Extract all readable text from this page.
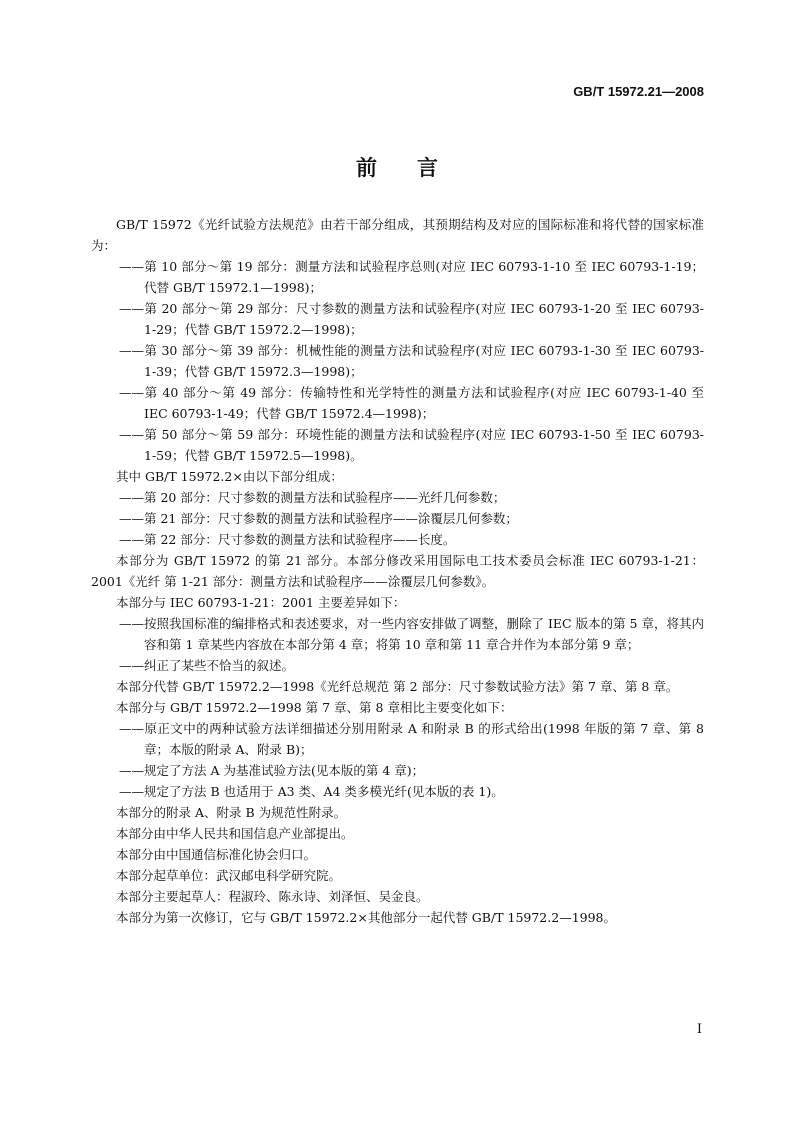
GB/T 15972.21—2008
前言

GB/T 15972《光纤试验方法规范》由若干部分组成，其预期结构及对应的国际标准和将代替的国家标准为：

——第 10 部分～第 19 部分：测量方法和试验程序总则(对应 IEC 60793-1-10 至 IEC 60793-1-19；代替 GB/T 15972.1—1998)；

——第 20 部分～第 29 部分：尺寸参数的测量方法和试验程序(对应 IEC 60793-1-20 至 IEC 60793-1-29；代替 GB/T 15972.2—1998)；

——第 30 部分～第 39 部分：机械性能的测量方法和试验程序(对应 IEC 60793-1-30 至 IEC 60793-1-39；代替 GB/T 15972.3—1998)；

——第 40 部分～第 49 部分：传输特性和光学特性的测量方法和试验程序(对应 IEC 60793-1-40 至 IEC 60793-1-49；代替 GB/T 15972.4—1998)；

——第 50 部分～第 59 部分：环境性能的测量方法和试验程序(对应 IEC 60793-1-50 至 IEC 60793-1-59；代替 GB/T 15972.5—1998)。

其中 GB/T 15972.2×由以下部分组成：

——第 20 部分：尺寸参数的测量方法和试验程序——光纤几何参数；

——第 21 部分：尺寸参数的测量方法和试验程序——涂覆层几何参数；

——第 22 部分：尺寸参数的测量方法和试验程序——长度。

本部分为 GB/T 15972 的第 21 部分。本部分修改采用国际电工技术委员会标准 IEC 60793-1-21：2001《光纤 第 1-21 部分：测量方法和试验程序——涂覆层几何参数》。

本部分与 IEC 60793-1-21：2001 主要差异如下：

——按照我国标准的编排格式和表述要求，对一些内容安排做了调整，删除了 IEC 版本的第 5 章，将其内容和第 1 章某些内容放在本部分第 4 章；将第 10 章和第 11 章合并作为本部分第 9 章；

——纠正了某些不恰当的叙述。

本部分代替 GB/T 15972.2—1998《光纤总规范 第 2 部分：尺寸参数试验方法》第 7 章、第 8 章。

本部分与 GB/T 15972.2—1998 第 7 章、第 8 章相比主要变化如下：

——原正文中的两种试验方法详细描述分别用附录 A 和附录 B 的形式给出(1998 年版的第 7 章、第 8 章；本版的附录 A、附录 B)；

——规定了方法 A 为基准试验方法(见本版的第 4 章)；

——规定了方法 B 也适用于 A3 类、A4 类多模光纤(见本版的表 1)。

本部分的附录 A、附录 B 为规范性附录。

本部分由中华人民共和国信息产业部提出。

本部分由中国通信标准化协会归口。

本部分起草单位：武汉邮电科学研究院。

本部分主要起草人：程淑玲、陈永诗、刘泽恒、吴金良。

本部分为第一次修订，它与 GB/T 15972.2×其他部分一起代替 GB/T 15972.2—1998。

I
